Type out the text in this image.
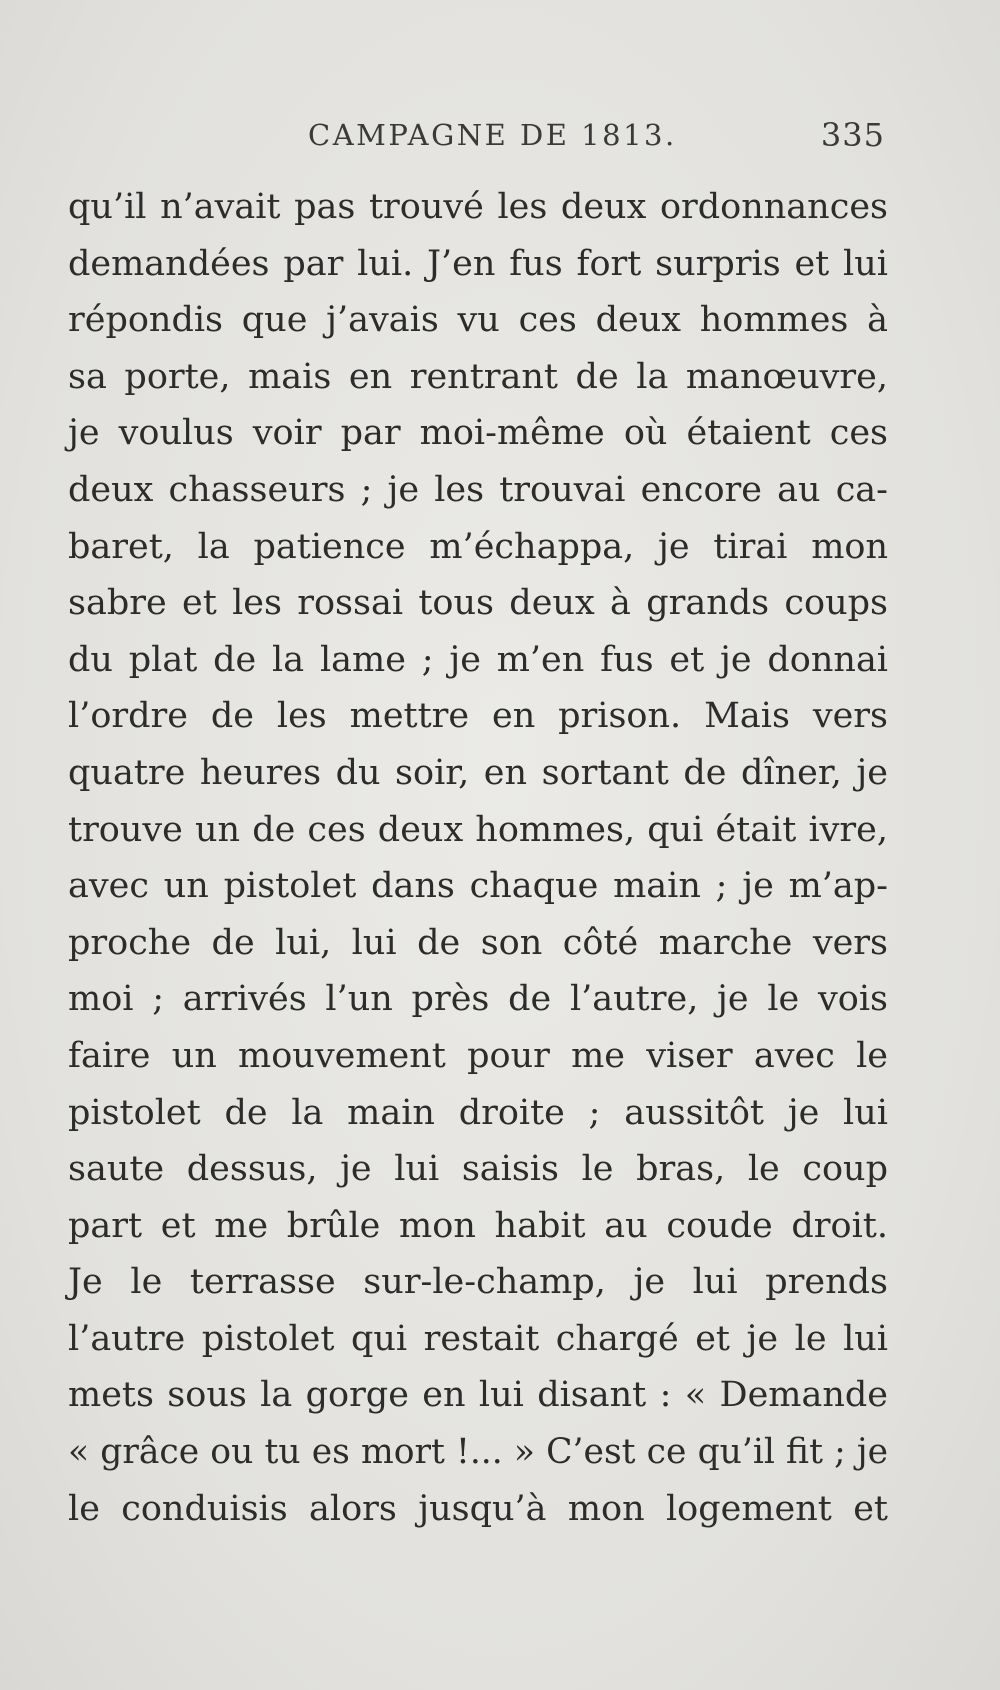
CAMPAGNE DE 1813.	335
qu’il n’avait pas trouvé les deux ordonnances
demandées par lui. J’en fus fort surpris et lui
répondis que j’avais vu ces deux hommes à
sa porte, mais en rentrant de la manœuvre,
je voulus voir par moi-même où étaient ces
deux chasseurs ; je les trouvai encore au ca-
baret, la patience m’échappa, je tirai mon
sabre et les rossai tous deux à grands coups
du plat de la lame ; je m’en fus et je donnai
l’ordre de les mettre en prison. Mais vers
quatre heures du soir, en sortant de dîner, je
trouve un de ces deux hommes, qui était ivre,
avec un pistolet dans chaque main ; je m’ap-
proche de lui, lui de son côté marche vers
moi ; arrivés l’un près de l’autre, je le vois
faire un mouvement pour me viser avec le
pistolet de la main droite ; aussitôt je lui
saute dessus, je lui saisis le bras, le coup
part et me brûle mon habit au coude droit.
Je le terrasse sur-le-champ, je lui prends
l’autre pistolet qui restait chargé et je le lui
mets sous la gorge en lui disant : « Demande
« grâce ou tu es mort !... » C’est ce qu’il fit ; je
le conduisis alors jusqu’à mon logement et
